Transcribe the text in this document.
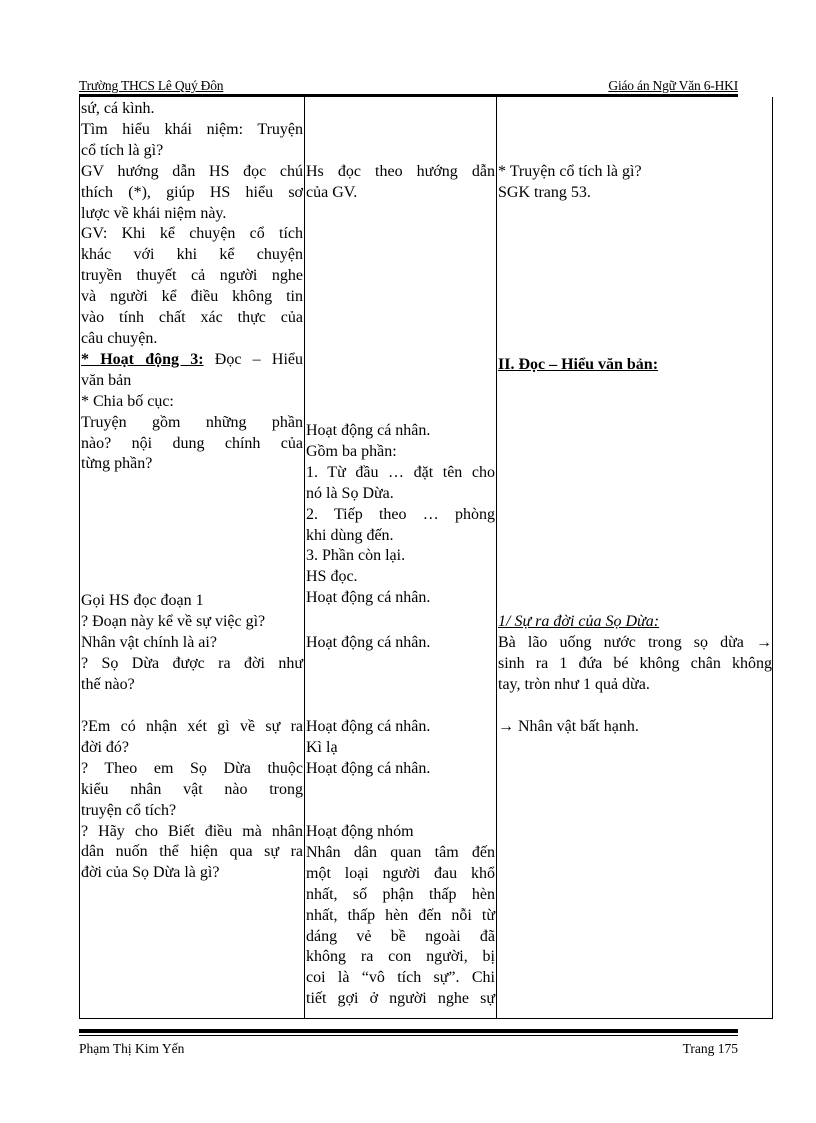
Trường THCS Lê Quý Đôn	Giáo án Ngữ Văn 6-HKI
sứ, cá kình.
Tìm hiểu khái niệm: Truyện
cổ tích là gì?
GV hướng dẫn HS đọc chú
thích (*), giúp HS hiểu sơ
lược về khái niệm này.
GV: Khi kể chuyện cổ tích
khác với khi kể chuyện
truyền thuyết cả người nghe
và người kể điều không tin
vào tính chất xác thực của
câu chuyện.
* Hoạt động 3: Đọc – Hiểu
văn bản
* Chia bố cục:
Truyện gồm những phần
nào? nội dung chính của
từng phần?
Gọi HS đọc đoạn 1
? Đoạn này kể về sự việc gì?
Nhân vật chính là ai?
? Sọ Dừa được ra đời như
thế nào?
?Em có nhận xét gì về sự ra
đời đó?
? Theo em Sọ Dừa thuộc
kiểu nhân vật nào trong
truyện cổ tích?
? Hãy cho Biết điều mà nhân
dân nuốn thể hiện qua sự ra
đời của Sọ Dừa là gì?
Hs đọc theo hướng dẫn
của GV.
Hoạt động cá nhân.
Gồm ba phần:
1. Từ đầu … đặt tên cho
nó là Sọ Dừa.
2. Tiếp theo … phòng
khi dùng đến.
3. Phần còn lại.
HS đọc.
Hoạt động cá nhân.
Hoạt động cá nhân.
Hoạt động cá nhân.
Kì lạ
Hoạt động cá nhân.
Hoạt động nhóm
Nhân dân quan tâm đến
một loại người đau khổ
nhất, số phận thấp hèn
nhất, thấp hèn đến nỗi từ
dáng vẻ bề ngoài đã
không ra con người, bị
coi là “vô tích sự”. Chi
tiết gợi ở người nghe sự
* Truyện cổ tích là gì?
SGK trang 53.
II. Đọc – Hiểu văn bản:
1/ Sự ra đời của Sọ Dừa:
Bà lão uống nước trong sọ dừa →
sinh ra 1 đứa bé không chân không
tay, tròn như 1 quả dừa.
→ Nhân vật bất hạnh.
Phạm Thị Kim Yến	Trang 175
